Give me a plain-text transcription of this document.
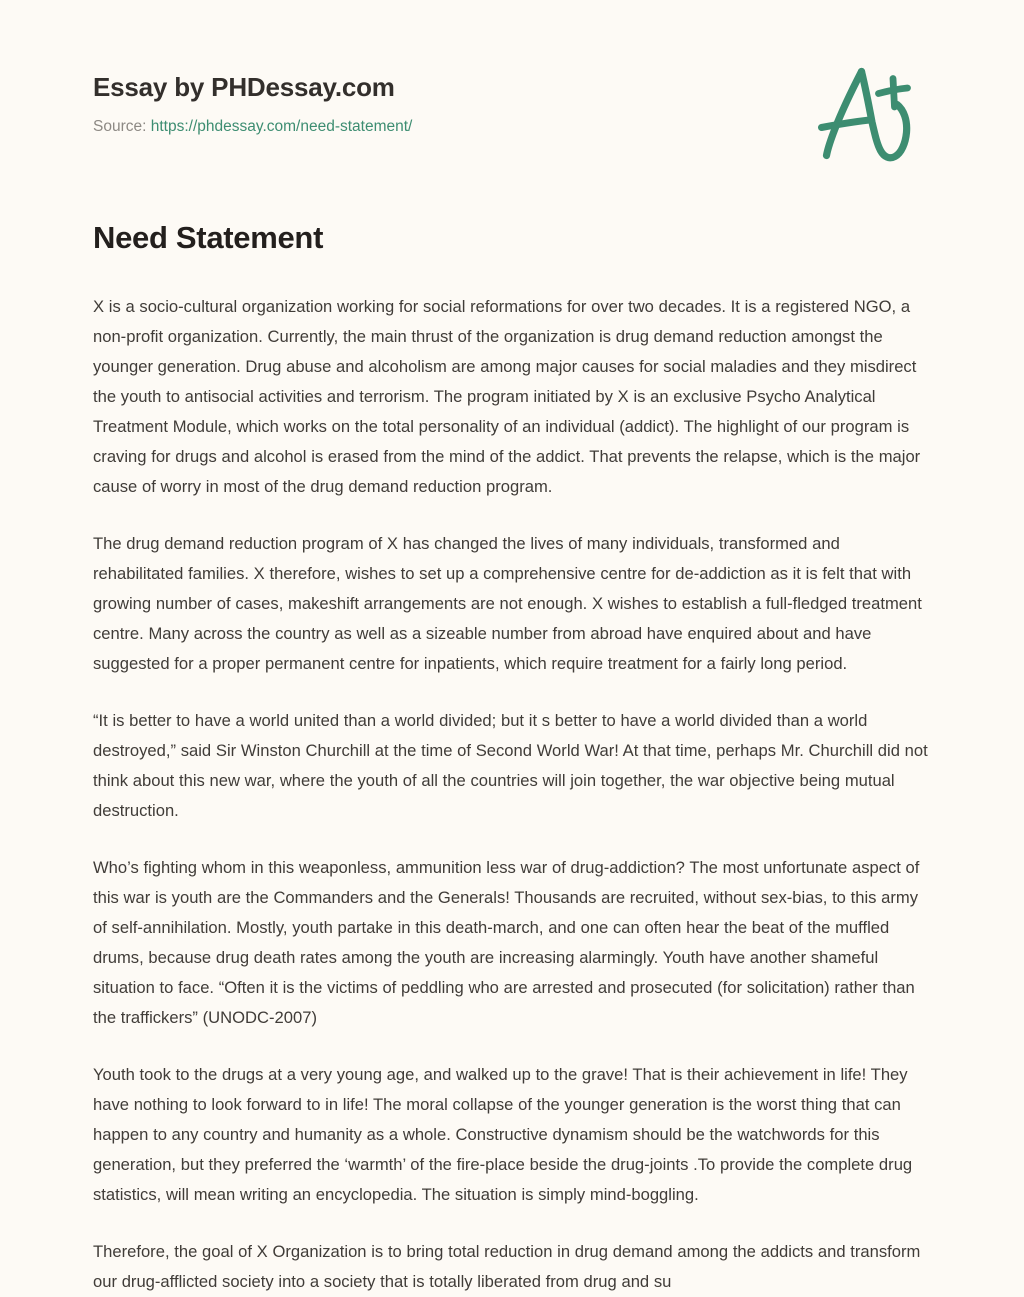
Essay by PHDessay.com
Source: https://phdessay.com/need-statement/
Need Statement

X is a socio-cultural organization working for social reformations for over two decades. It is a registered NGO, a non-profit organization. Currently, the main thrust of the organization is drug demand reduction amongst the younger generation. Drug abuse and alcoholism are among major causes for social maladies and they misdirect the youth to antisocial activities and terrorism. The program initiated by X is an exclusive Psycho Analytical Treatment Module, which works on the total personality of an individual (addict). The highlight of our program is craving for drugs and alcohol is erased from the mind of the addict. That prevents the relapse, which is the major cause of worry in most of the drug demand reduction program.

The drug demand reduction program of X has changed the lives of many individuals, transformed and rehabilitated families. X therefore, wishes to set up a comprehensive centre for de-addiction as it is felt that with growing number of cases, makeshift arrangements are not enough. X wishes to establish a full-fledged treatment centre. Many across the country as well as a sizeable number from abroad have enquired about and have suggested for a proper permanent centre for inpatients, which require treatment for a fairly long period.

“It is better to have a world united than a world divided; but it s better to have a world divided than a world destroyed,” said Sir Winston Churchill at the time of Second World War! At that time, perhaps Mr. Churchill did not think about this new war, where the youth of all the countries will join together, the war objective being mutual destruction.

Who’s fighting whom in this weaponless, ammunition less war of drug-addiction? The most unfortunate aspect of this war is youth are the Commanders and the Generals! Thousands are recruited, without sex-bias, to this army of self-annihilation. Mostly, youth partake in this death-march, and one can often hear the beat of the muffled drums, because drug death rates among the youth are increasing alarmingly. Youth have another shameful situation to face. “Often it is the victims of peddling who are arrested and prosecuted (for solicitation) rather than the traffickers” (UNODC-2007)

Youth took to the drugs at a very young age, and walked up to the grave! That is their achievement in life! They have nothing to look forward to in life! The moral collapse of the younger generation is the worst thing that can happen to any country and humanity as a whole. Constructive dynamism should be the watchwords for this generation, but they preferred the ‘warmth’ of the fire-place beside the drug-joints .To provide the complete drug statistics, will mean writing an encyclopedia. The situation is simply mind-boggling.

Therefore, the goal of X Organization is to bring total reduction in drug demand among the addicts and transform our drug-afflicted society into a society that is totally liberated from drug and su
